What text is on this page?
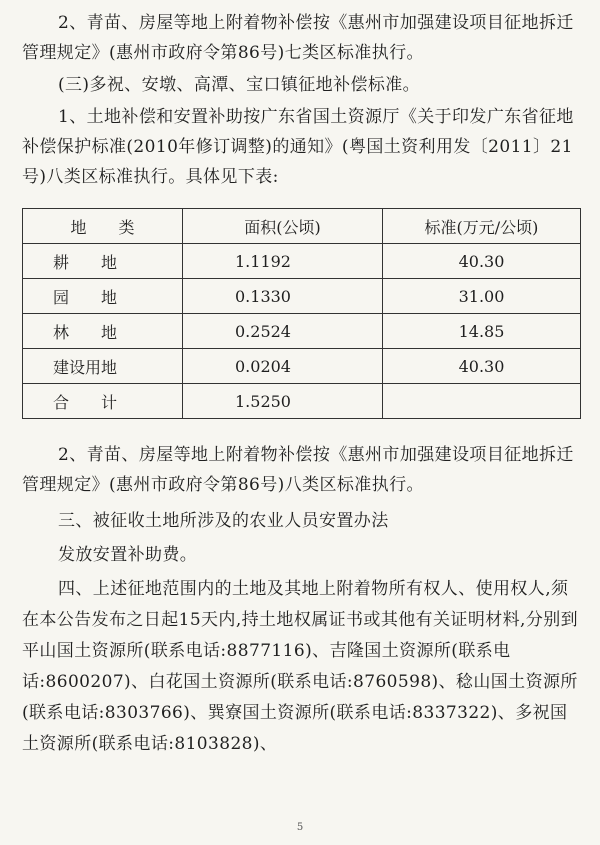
2、青苗、房屋等地上附着物补偿按《惠州市加强建设项目征地拆迁管理规定》(惠州市政府令第86号)七类区标准执行。

(三)多祝、安墩、高潭、宝口镇征地补偿标准。

1、土地补偿和安置补助按广东省国土资源厅《关于印发广东省征地补偿保护标准(2010年修订调整)的通知》(粤国土资利用发〔2011〕21号)八类区标准执行。具体见下表:

地　　类	面积(公顷)	标准(万元/公顷)
耕　　地	1.1192	40.30
园　　地	0.1330	31.00
林　　地	0.2524	14.85
建设用地	0.0204	40.30
合　　计	1.5250	

2、青苗、房屋等地上附着物补偿按《惠州市加强建设项目征地拆迁管理规定》(惠州市政府令第86号)八类区标准执行。

三、被征收土地所涉及的农业人员安置办法

发放安置补助费。

四、上述征地范围内的土地及其地上附着物所有权人、使用权人,须在本公告发布之日起15天内,持土地权属证书或其他有关证明材料,分别到平山国土资源所(联系电话:8877116)、吉隆国土资源所(联系电话:8600207)、白花国土资源所(联系电话:8760598)、稔山国土资源所(联系电话:8303766)、巽寮国土资源所(联系电话:8337322)、多祝国土资源所(联系电话:8103828)、

5
